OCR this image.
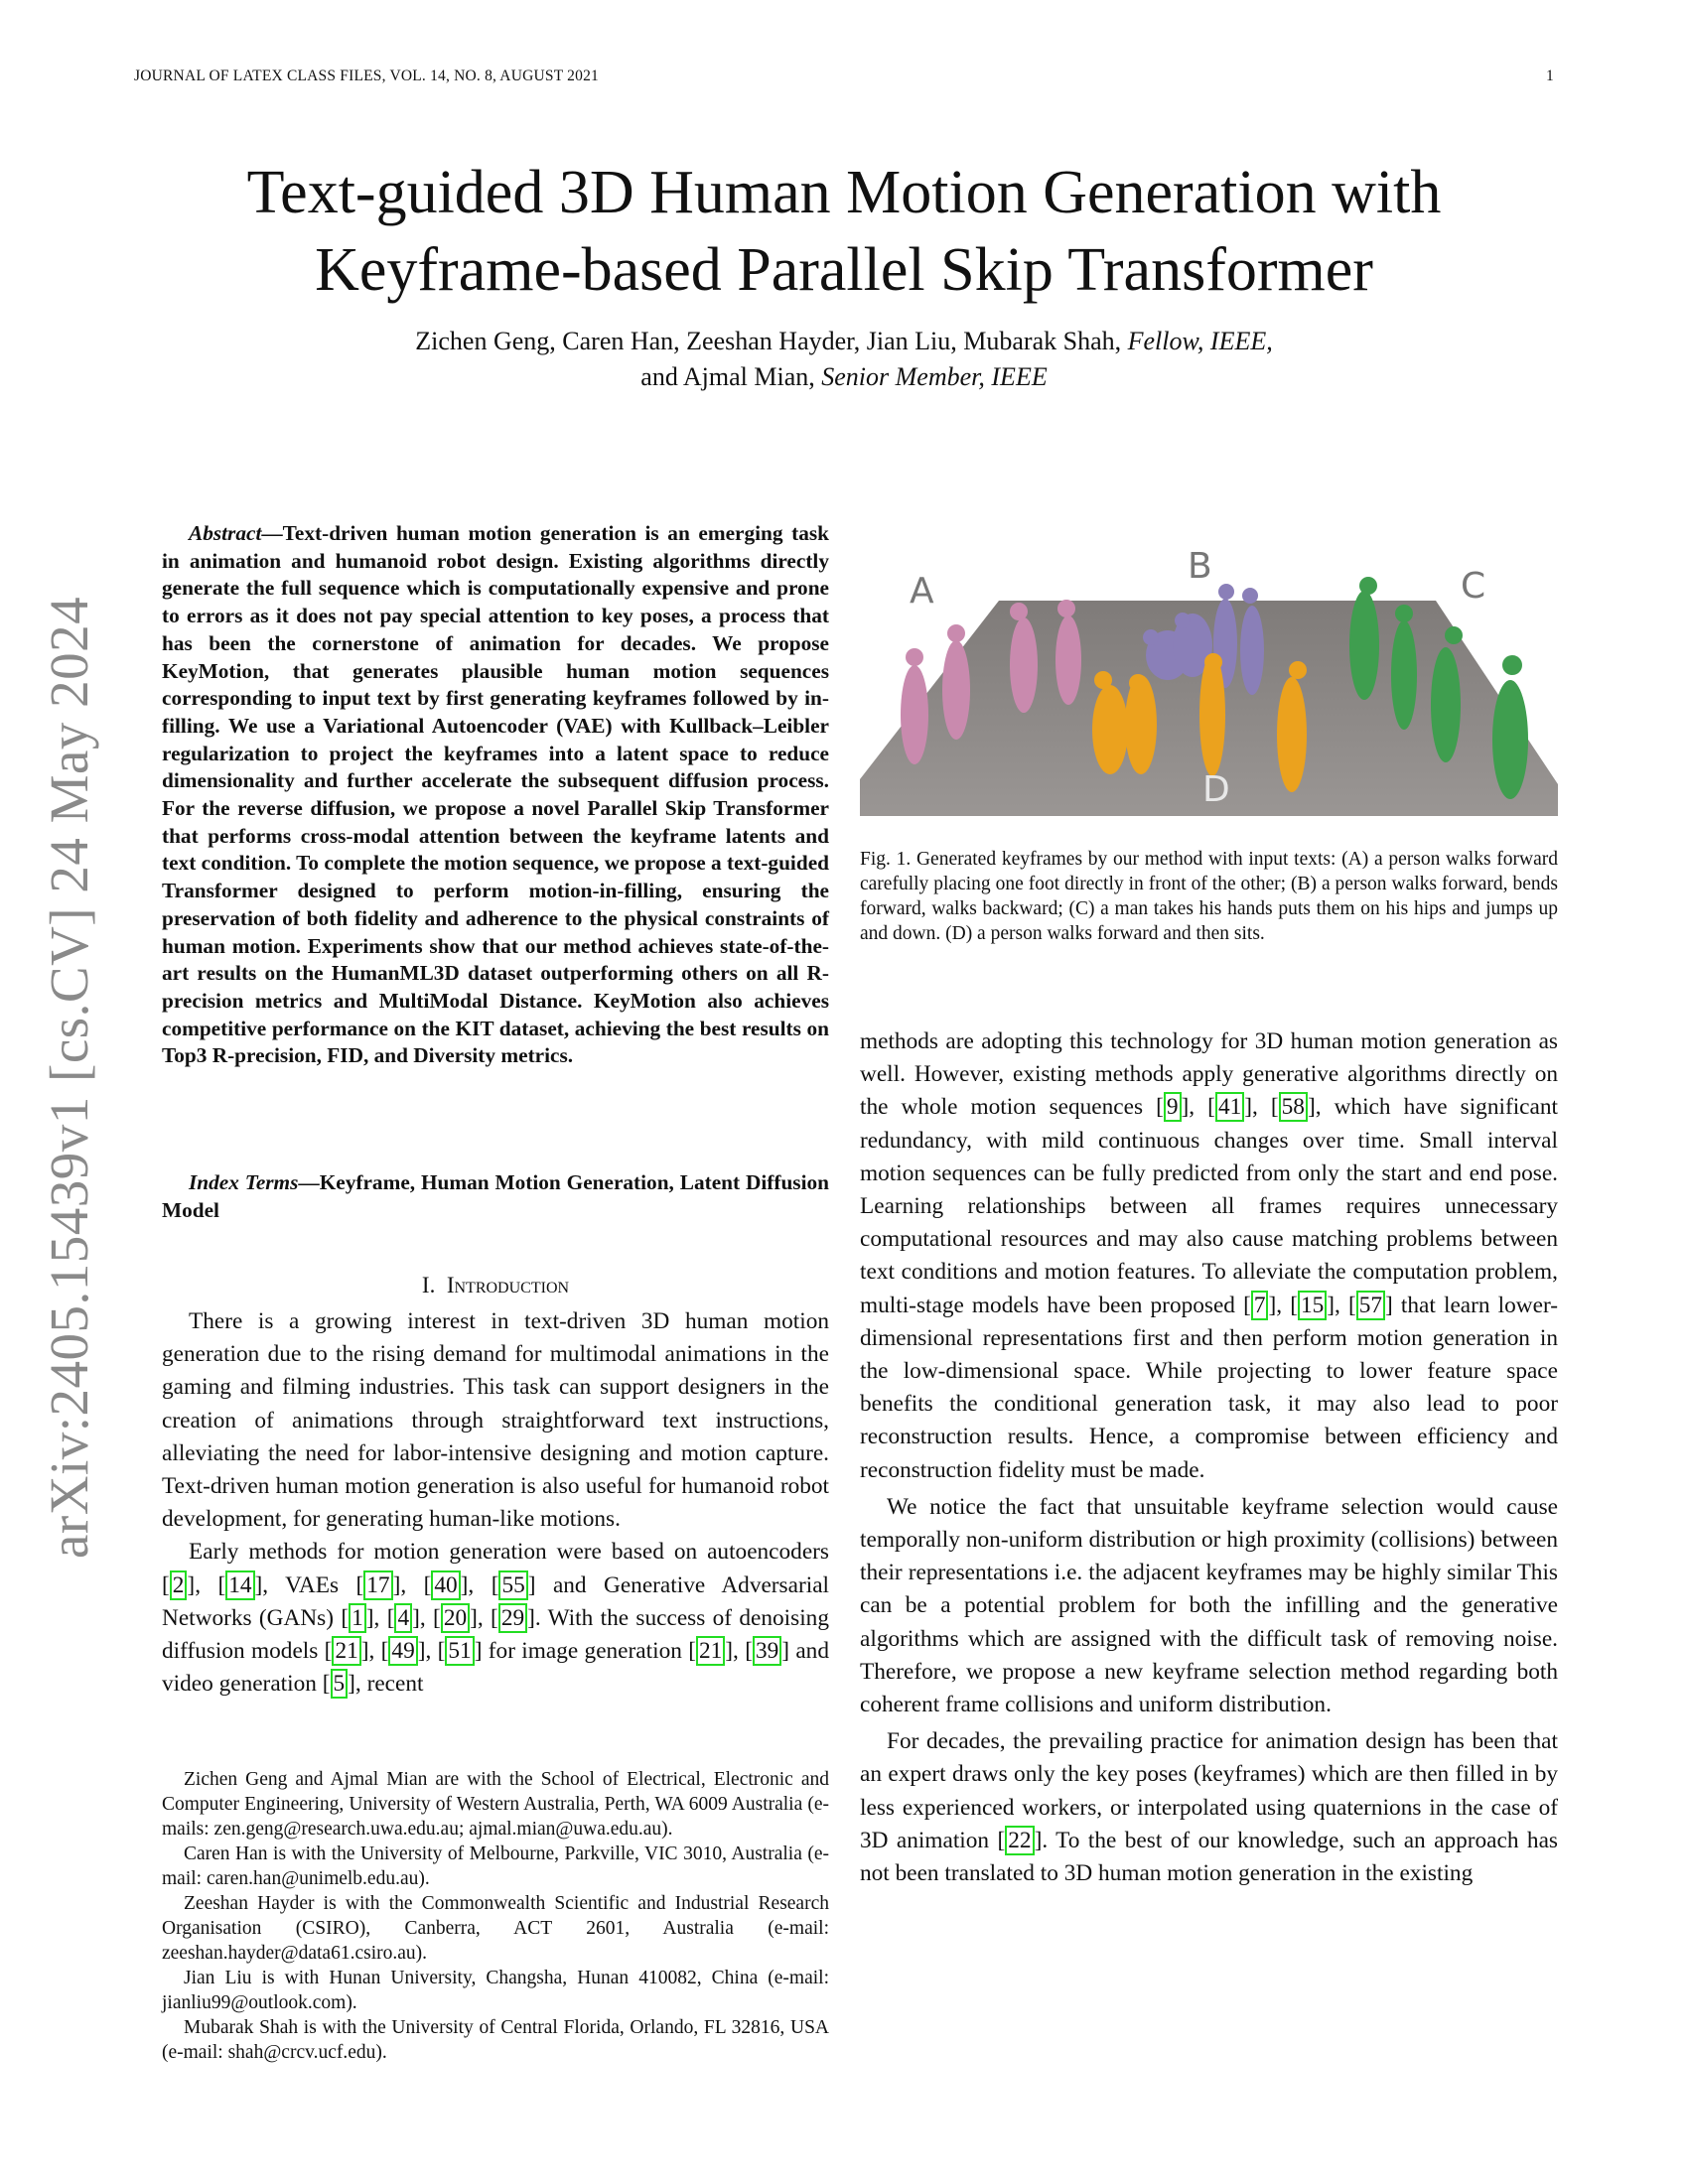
JOURNAL OF LATEX CLASS FILES, VOL. 14, NO. 8, AUGUST 2021	1
arXiv:2405.15439v1 [cs.CV] 24 May 2024
Text-guided 3D Human Motion Generation with
Keyframe-based Parallel Skip Transformer
Zichen Geng, Caren Han, Zeeshan Hayder, Jian Liu, Mubarak Shah, Fellow, IEEE,
and Ajmal Mian, Senior Member, IEEE

Abstract—Text-driven human motion generation is an emerging task in animation and humanoid robot design. Existing algorithms directly generate the full sequence which is computationally expensive and prone to errors as it does not pay special attention to key poses, a process that has been the cornerstone of animation for decades. We propose KeyMotion, that generates plausible human motion sequences corresponding to input text by first generating keyframes followed by in-filling. We use a Variational Autoencoder (VAE) with Kullback–Leibler regularization to project the keyframes into a latent space to reduce dimensionality and further accelerate the subsequent diffusion process. For the reverse diffusion, we propose a novel Parallel Skip Transformer that performs cross-modal attention between the keyframe latents and text condition. To complete the motion sequence, we propose a text-guided Transformer designed to perform motion-in-filling, ensuring the preservation of both fidelity and adherence to the physical constraints of human motion. Experiments show that our method achieves state-of-the-art results on the HumanML3D dataset outperforming others on all R-precision metrics and MultiModal Distance. KeyMotion also achieves competitive performance on the KIT dataset, achieving the best results on Top3 R-precision, FID, and Diversity metrics.

Index Terms—Keyframe, Human Motion Generation, Latent Diffusion Model

I. Introduction

There is a growing interest in text-driven 3D human motion generation due to the rising demand for multimodal animations in the gaming and filming industries. This task can support designers in the creation of animations through straightforward text instructions, alleviating the need for labor-intensive designing and motion capture. Text-driven human motion generation is also useful for humanoid robot development, for generating human-like motions.

Early methods for motion generation were based on autoencoders [ 2 ], [ 14 ], VAEs [ 17 ], [ 40 ], [ 55 ] and Generative Adversarial Networks (GANs) [ 1 ], [ 4 ], [ 20 ], [ 29 ]. With the success of denoising diffusion models [ 21 ], [ 49 ], [ 51 ] for image generation [ 21 ], [ 39 ] and video generation [ 5 ], recent

Zichen Geng and Ajmal Mian are with the School of Electrical, Electronic and Computer Engineering, University of Western Australia, Perth, WA 6009 Australia (e-mails: zen.geng@research.uwa.edu.au; ajmal.mian@uwa.edu.au).

Caren Han is with the University of Melbourne, Parkville, VIC 3010, Australia (e-mail: caren.han@unimelb.edu.au).

Zeeshan Hayder is with the Commonwealth Scientific and Industrial Research Organisation (CSIRO), Canberra, ACT 2601, Australia (e-mail: zeeshan.hayder@data61.csiro.au).

Jian Liu is with Hunan University, Changsha, Hunan 410082, China (e-mail: jianliu99@outlook.com).

Mubarak Shah is with the University of Central Florida, Orlando, FL 32816, USA (e-mail: shah@crcv.ucf.edu).

A
B	C
D
Fig. 1. Generated keyframes by our method with input texts: (A) a person walks forward carefully placing one foot directly in front of the other; (B) a person walks forward, bends forward, walks backward; (C) a man takes his hands puts them on his hips and jumps up and down. (D) a person walks forward and then sits.

methods are adopting this technology for 3D human motion generation as well. However, existing methods apply generative algorithms directly on the whole motion sequences [ 9 ], [ 41 ], [ 58 ], which have significant redundancy, with mild continuous changes over time. Small interval motion sequences can be fully predicted from only the start and end pose. Learning relationships between all frames requires unnecessary computational resources and may also cause matching problems between text conditions and motion features. To alleviate the computation problem, multi-stage models have been proposed [ 7 ], [ 15 ], [ 57 ] that learn lower-dimensional representations first and then perform motion generation in the low-dimensional space. While projecting to lower feature space benefits the conditional generation task, it may also lead to poor reconstruction results. Hence, a compromise between efficiency and reconstruction fidelity must be made.

We notice the fact that unsuitable keyframe selection would cause temporally non-uniform distribution or high proximity (collisions) between their representations i.e. the adjacent keyframes may be highly similar This can be a potential problem for both the infilling and the generative algorithms which are assigned with the difficult task of removing noise. Therefore, we propose a new keyframe selection method regarding both coherent frame collisions and uniform distribution.

For decades, the prevailing practice for animation design has been that an expert draws only the key poses (keyframes) which are then filled in by less experienced workers, or interpolated using quaternions in the case of 3D animation [ 22 ]. To the best of our knowledge, such an approach has not been translated to 3D human motion generation in the existing
